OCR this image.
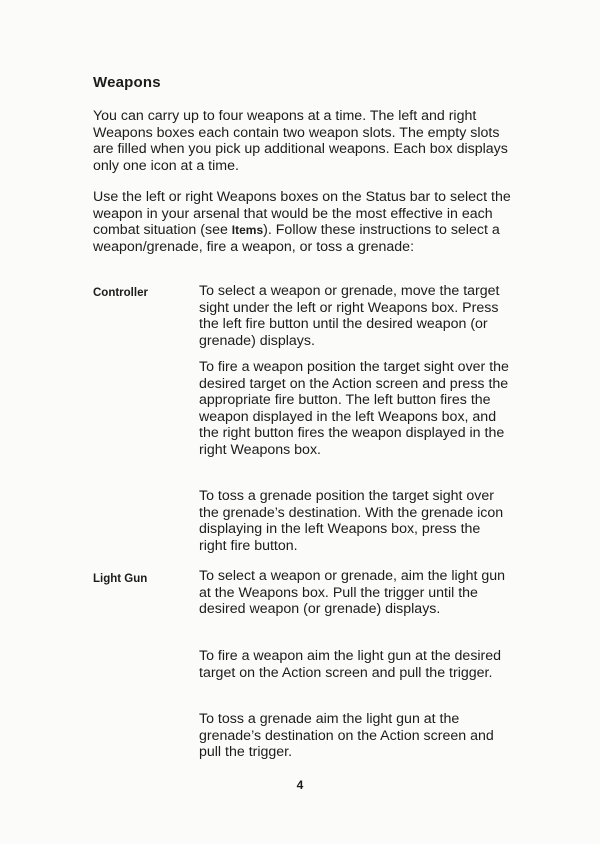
Weapons

You can carry up to four weapons at a time. The left and right Weapons boxes each contain two weapon slots. The empty slots are filled when you pick up additional weapons. Each box displays only one icon at a time.

Use the left or right Weapons boxes on the Status bar to select the weapon in your arsenal that would be the most effective in each combat situation (see Items). Follow these instructions to select a weapon/grenade, fire a weapon, or toss a grenade:

Controller	To select a weapon or grenade, move the target sight under the left or right Weapons box. Press the left fire button until the desired weapon (or grenade) displays.

To fire a weapon position the target sight over the desired target on the Action screen and press the appropriate fire button. The left button fires the weapon displayed in the left Weapons box, and the right button fires the weapon displayed in the right Weapons box.

To toss a grenade position the target sight over the grenade’s destination. With the grenade icon displaying in the left Weapons box, press the right fire button.

Light Gun	To select a weapon or grenade, aim the light gun at the Weapons box. Pull the trigger until the desired weapon (or grenade) displays.

To fire a weapon aim the light gun at the desired target on the Action screen and pull the trigger.

To toss a grenade aim the light gun at the grenade’s destination on the Action screen and pull the trigger.

4
